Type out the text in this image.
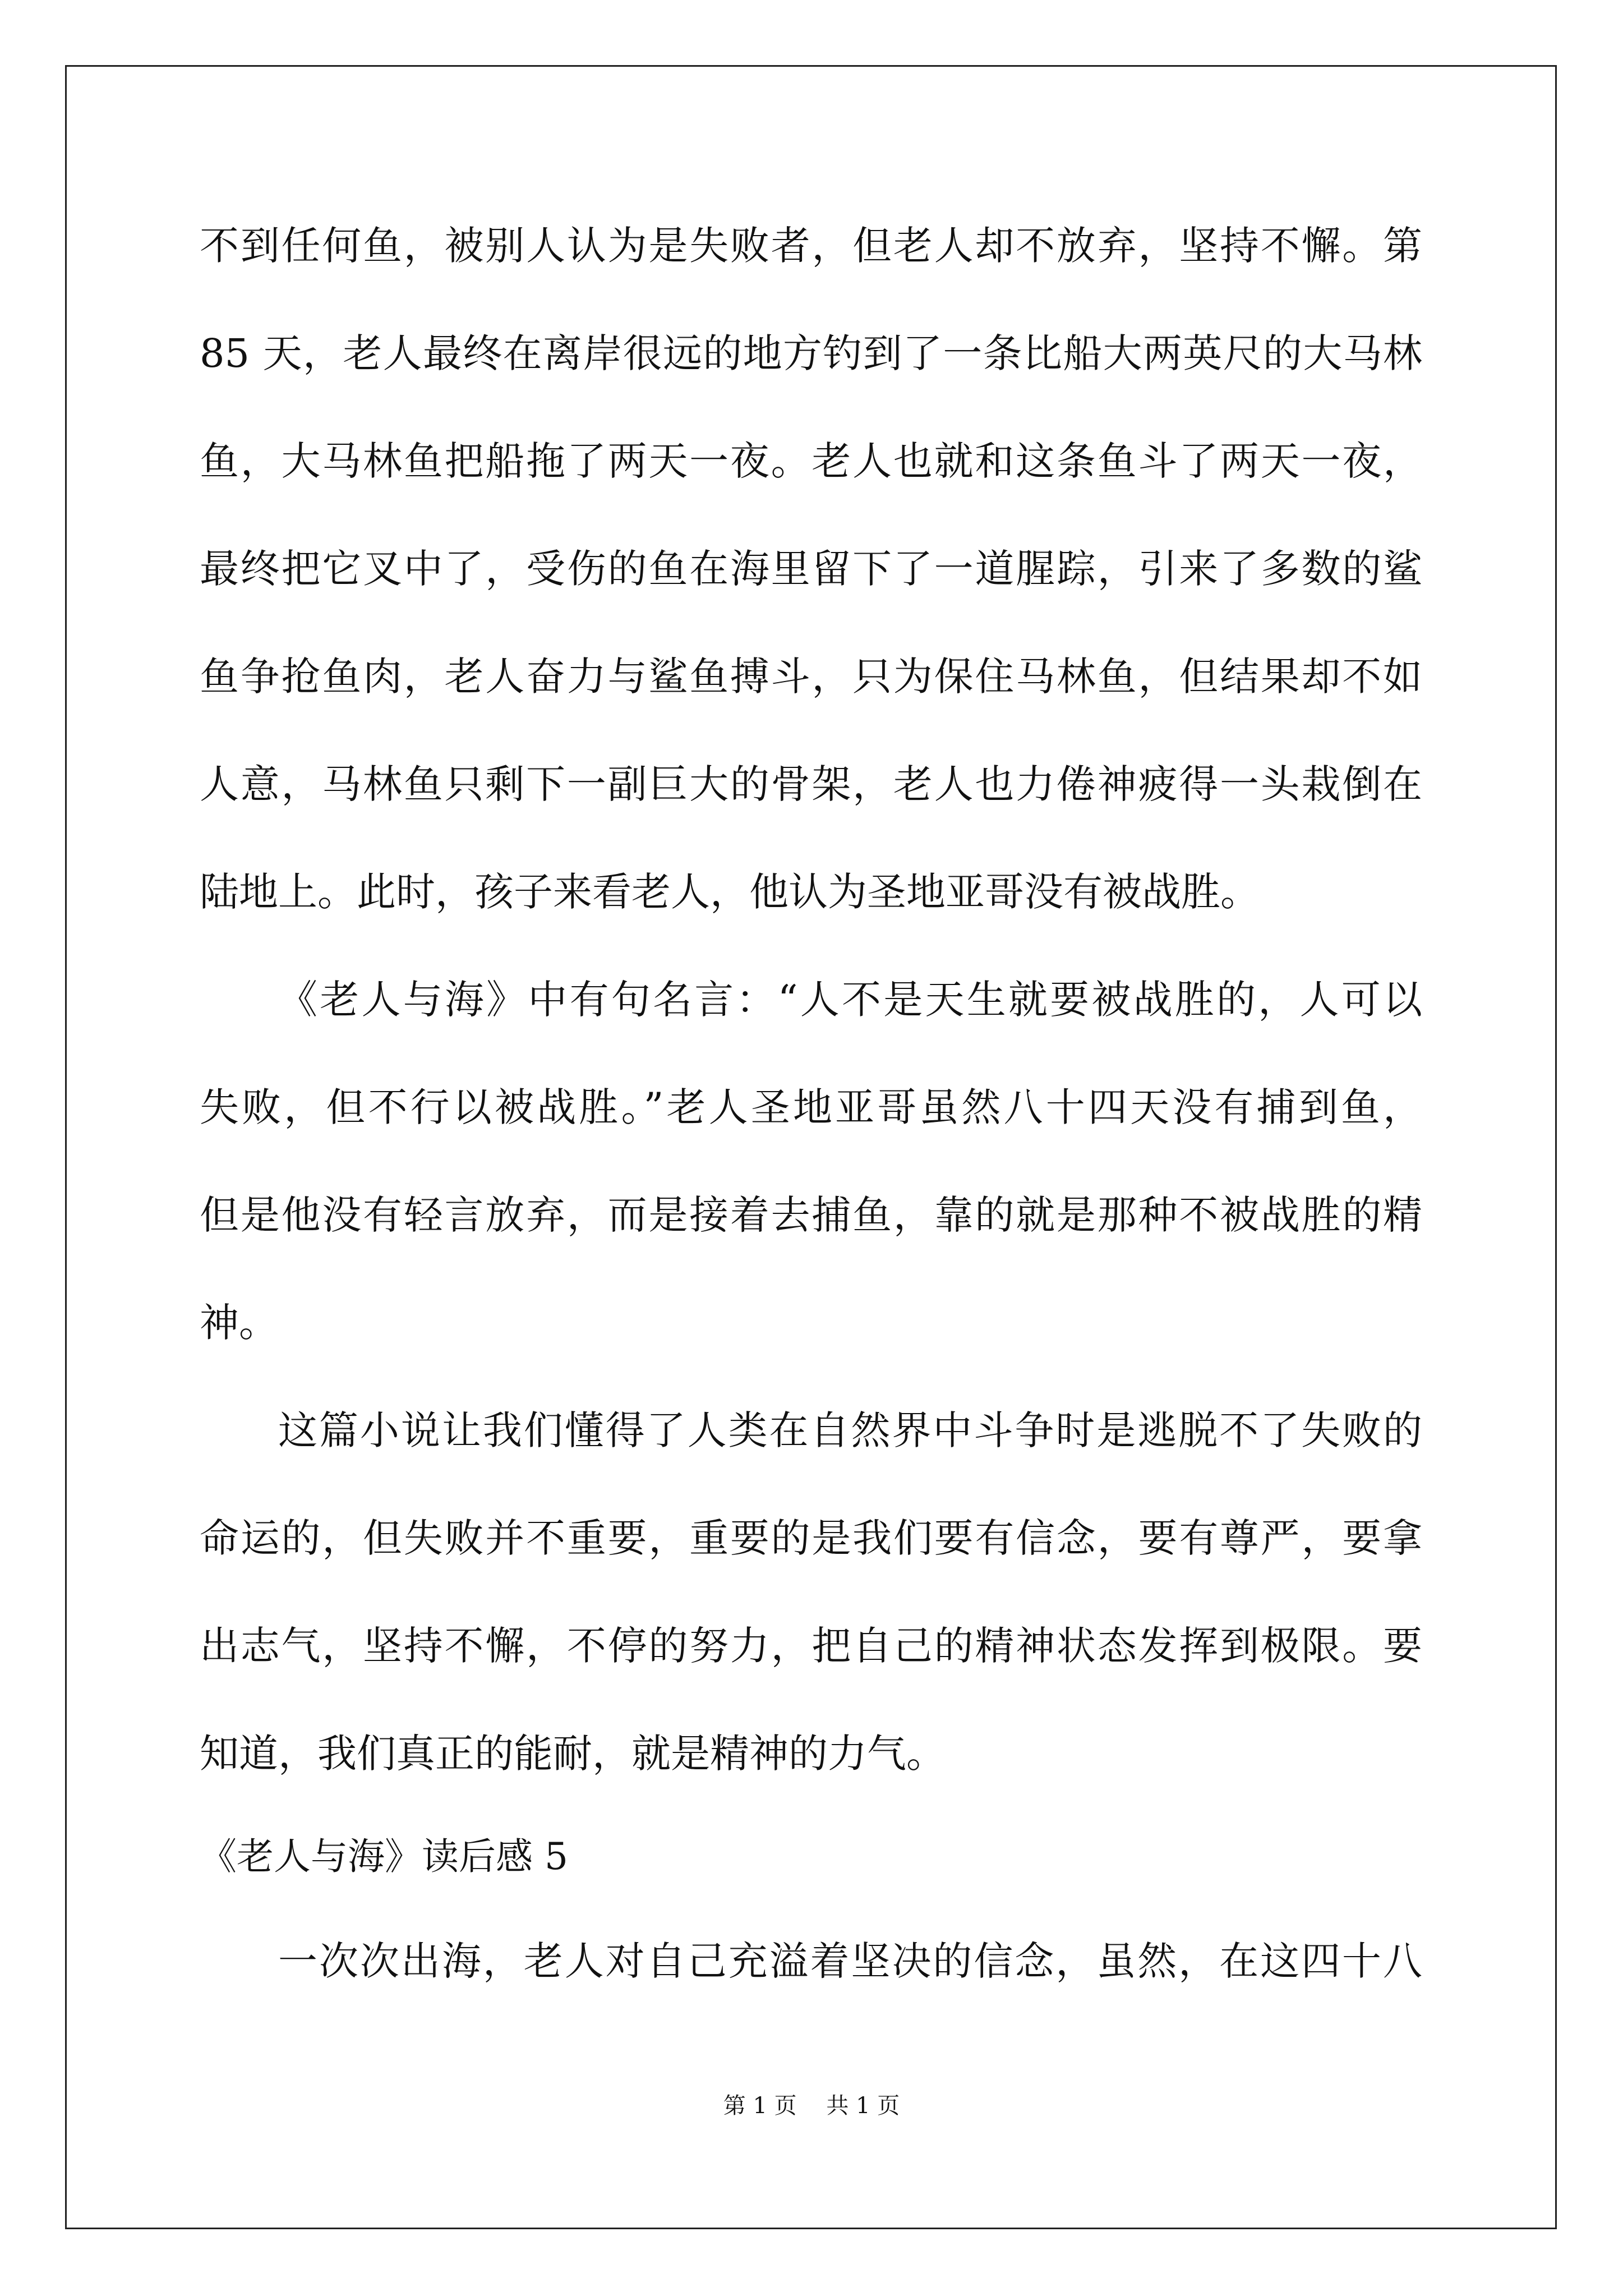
不到任何鱼，被别人认为是失败者，但老人却不放弃，坚持不懈。第
85 天，老人最终在离岸很远的地方钓到了一条比船大两英尺的大马林
鱼，大马林鱼把船拖了两天一夜。老人也就和这条鱼斗了两天一夜，
最终把它叉中了，受伤的鱼在海里留下了一道腥踪，引来了多数的鲨
鱼争抢鱼肉，老人奋力与鲨鱼搏斗，只为保住马林鱼，但结果却不如
人意，马林鱼只剩下一副巨大的骨架，老人也力倦神疲得一头栽倒在
陆地上。此时，孩子来看老人，他认为圣地亚哥没有被战胜。
《老人与海》中有句名言：“人不是天生就要被战胜的，人可以
失败，但不行以被战胜。”老人圣地亚哥虽然八十四天没有捕到鱼，
但是他没有轻言放弃，而是接着去捕鱼，靠的就是那种不被战胜的精
神。
这篇小说让我们懂得了人类在自然界中斗争时是逃脱不了失败的
命运的，但失败并不重要，重要的是我们要有信念，要有尊严，要拿
出志气，坚持不懈，不停的努力，把自己的精神状态发挥到极限。要
知道，我们真正的能耐，就是精神的力气。
《老人与海》读后感 5
一次次出海，老人对自己充溢着坚决的信念，虽然，在这四十八
第 1 页 共 1 页
